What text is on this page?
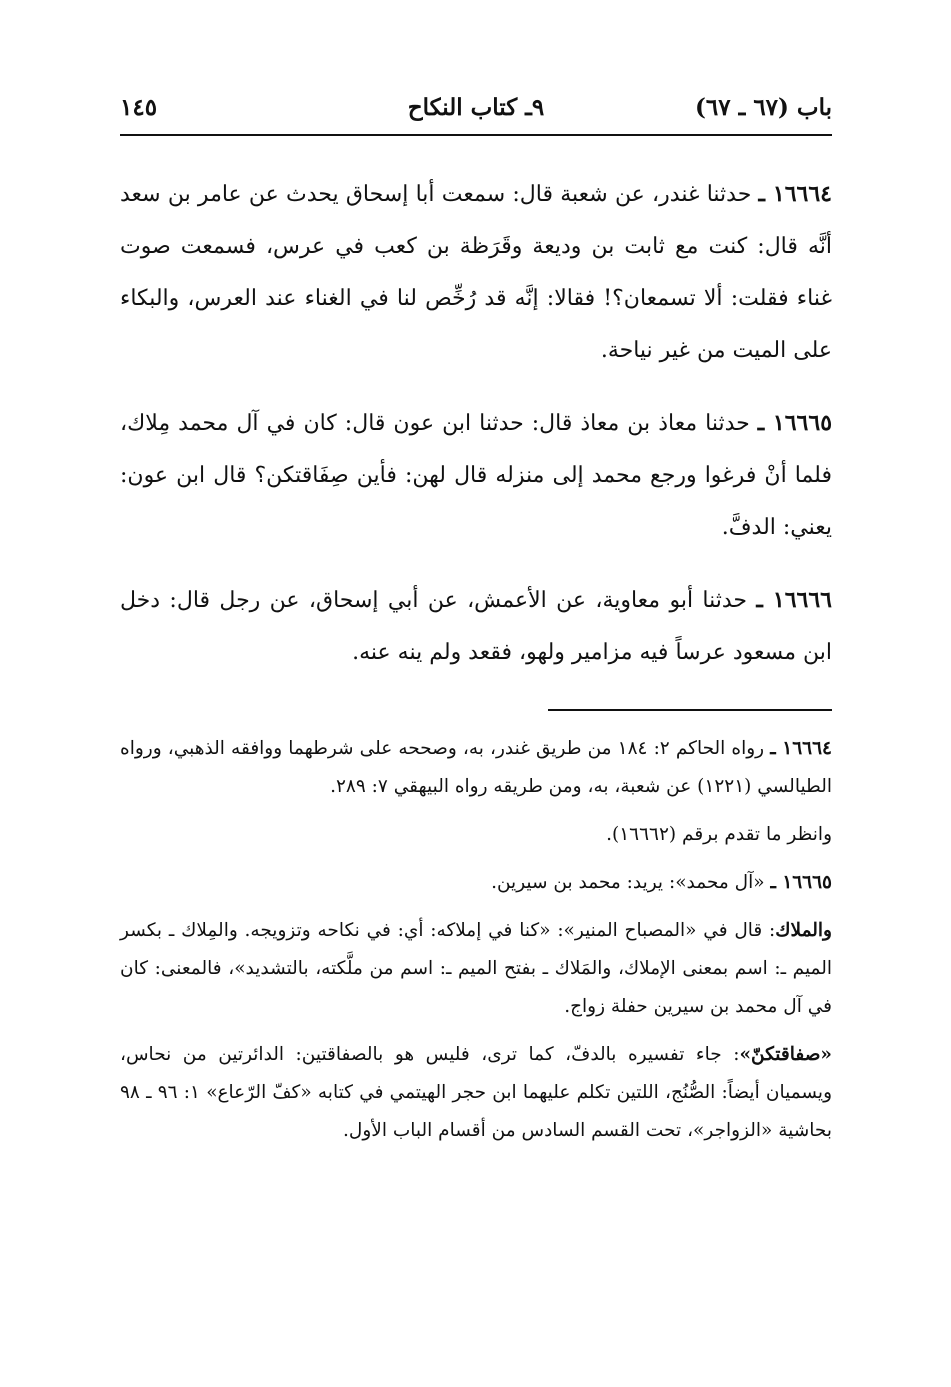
باب (٦٧ ـ ٦٧)
٩ـ كتاب النكاح
١٤٥

١٦٦٦٤ ـ حدثنا غندر، عن شعبة قال: سمعت أبا إسحاق يحدث عن عامر بن سعد أنَّه قال: كنت مع ثابت بن وديعة وقَرَظة بن كعب في عرس، فسمعت صوت غناء فقلت: ألا تسمعان؟! فقالا: إنَّه قد رُخِّص لنا في الغناء عند العرس، والبكاء على الميت من غير نياحة.

١٦٦٦٥ ـ حدثنا معاذ بن معاذ قال: حدثنا ابن عون قال: كان في آل محمد مِلاك، فلما أنْ فرغوا ورجع محمد إلى منزله قال لهن: فأين صِفَاقتكن؟ قال ابن عون: يعني: الدفَّ.

١٦٦٦٦ ـ حدثنا أبو معاوية، عن الأعمش، عن أبي إسحاق، عن رجل قال: دخل ابن مسعود عرساً فيه مزامير ولهو، فقعد ولم ينه عنه.

١٦٦٦٤ ـ رواه الحاكم ٢: ١٨٤ من طريق غندر، به، وصححه على شرطهما ووافقه الذهبي، ورواه الطيالسي (١٢٢١) عن شعبة، به، ومن طريقه رواه البيهقي ٧: ٢٨٩.

وانظر ما تقدم برقم (١٦٦٦٢).

١٦٦٦٥ ـ «آل محمد»: يريد: محمد بن سيرين.

والملاك: قال في «المصباح المنير»: «كنا في إملاكه: أي: في نكاحه وتزويجه. والمِلاك ـ بكسر الميم ـ: اسم بمعنى الإملاك، والمَلاك ـ بفتح الميم ـ: اسم من ملَّكته، بالتشديد»، فالمعنى: كان في آل محمد بن سيرين حفلة زواج.

«صفاقتكنّ»: جاء تفسيره بالدفّ، كما ترى، فليس هو بالصفاقتين: الدائرتين من نحاس، ويسميان أيضاً: الصُّنُج، اللتين تكلم عليهما ابن حجر الهيتمي في كتابه «كفّ الرّعاع» ١: ٩٦ ـ ٩٨ بحاشية «الزواجر»، تحت القسم السادس من أقسام الباب الأول.
